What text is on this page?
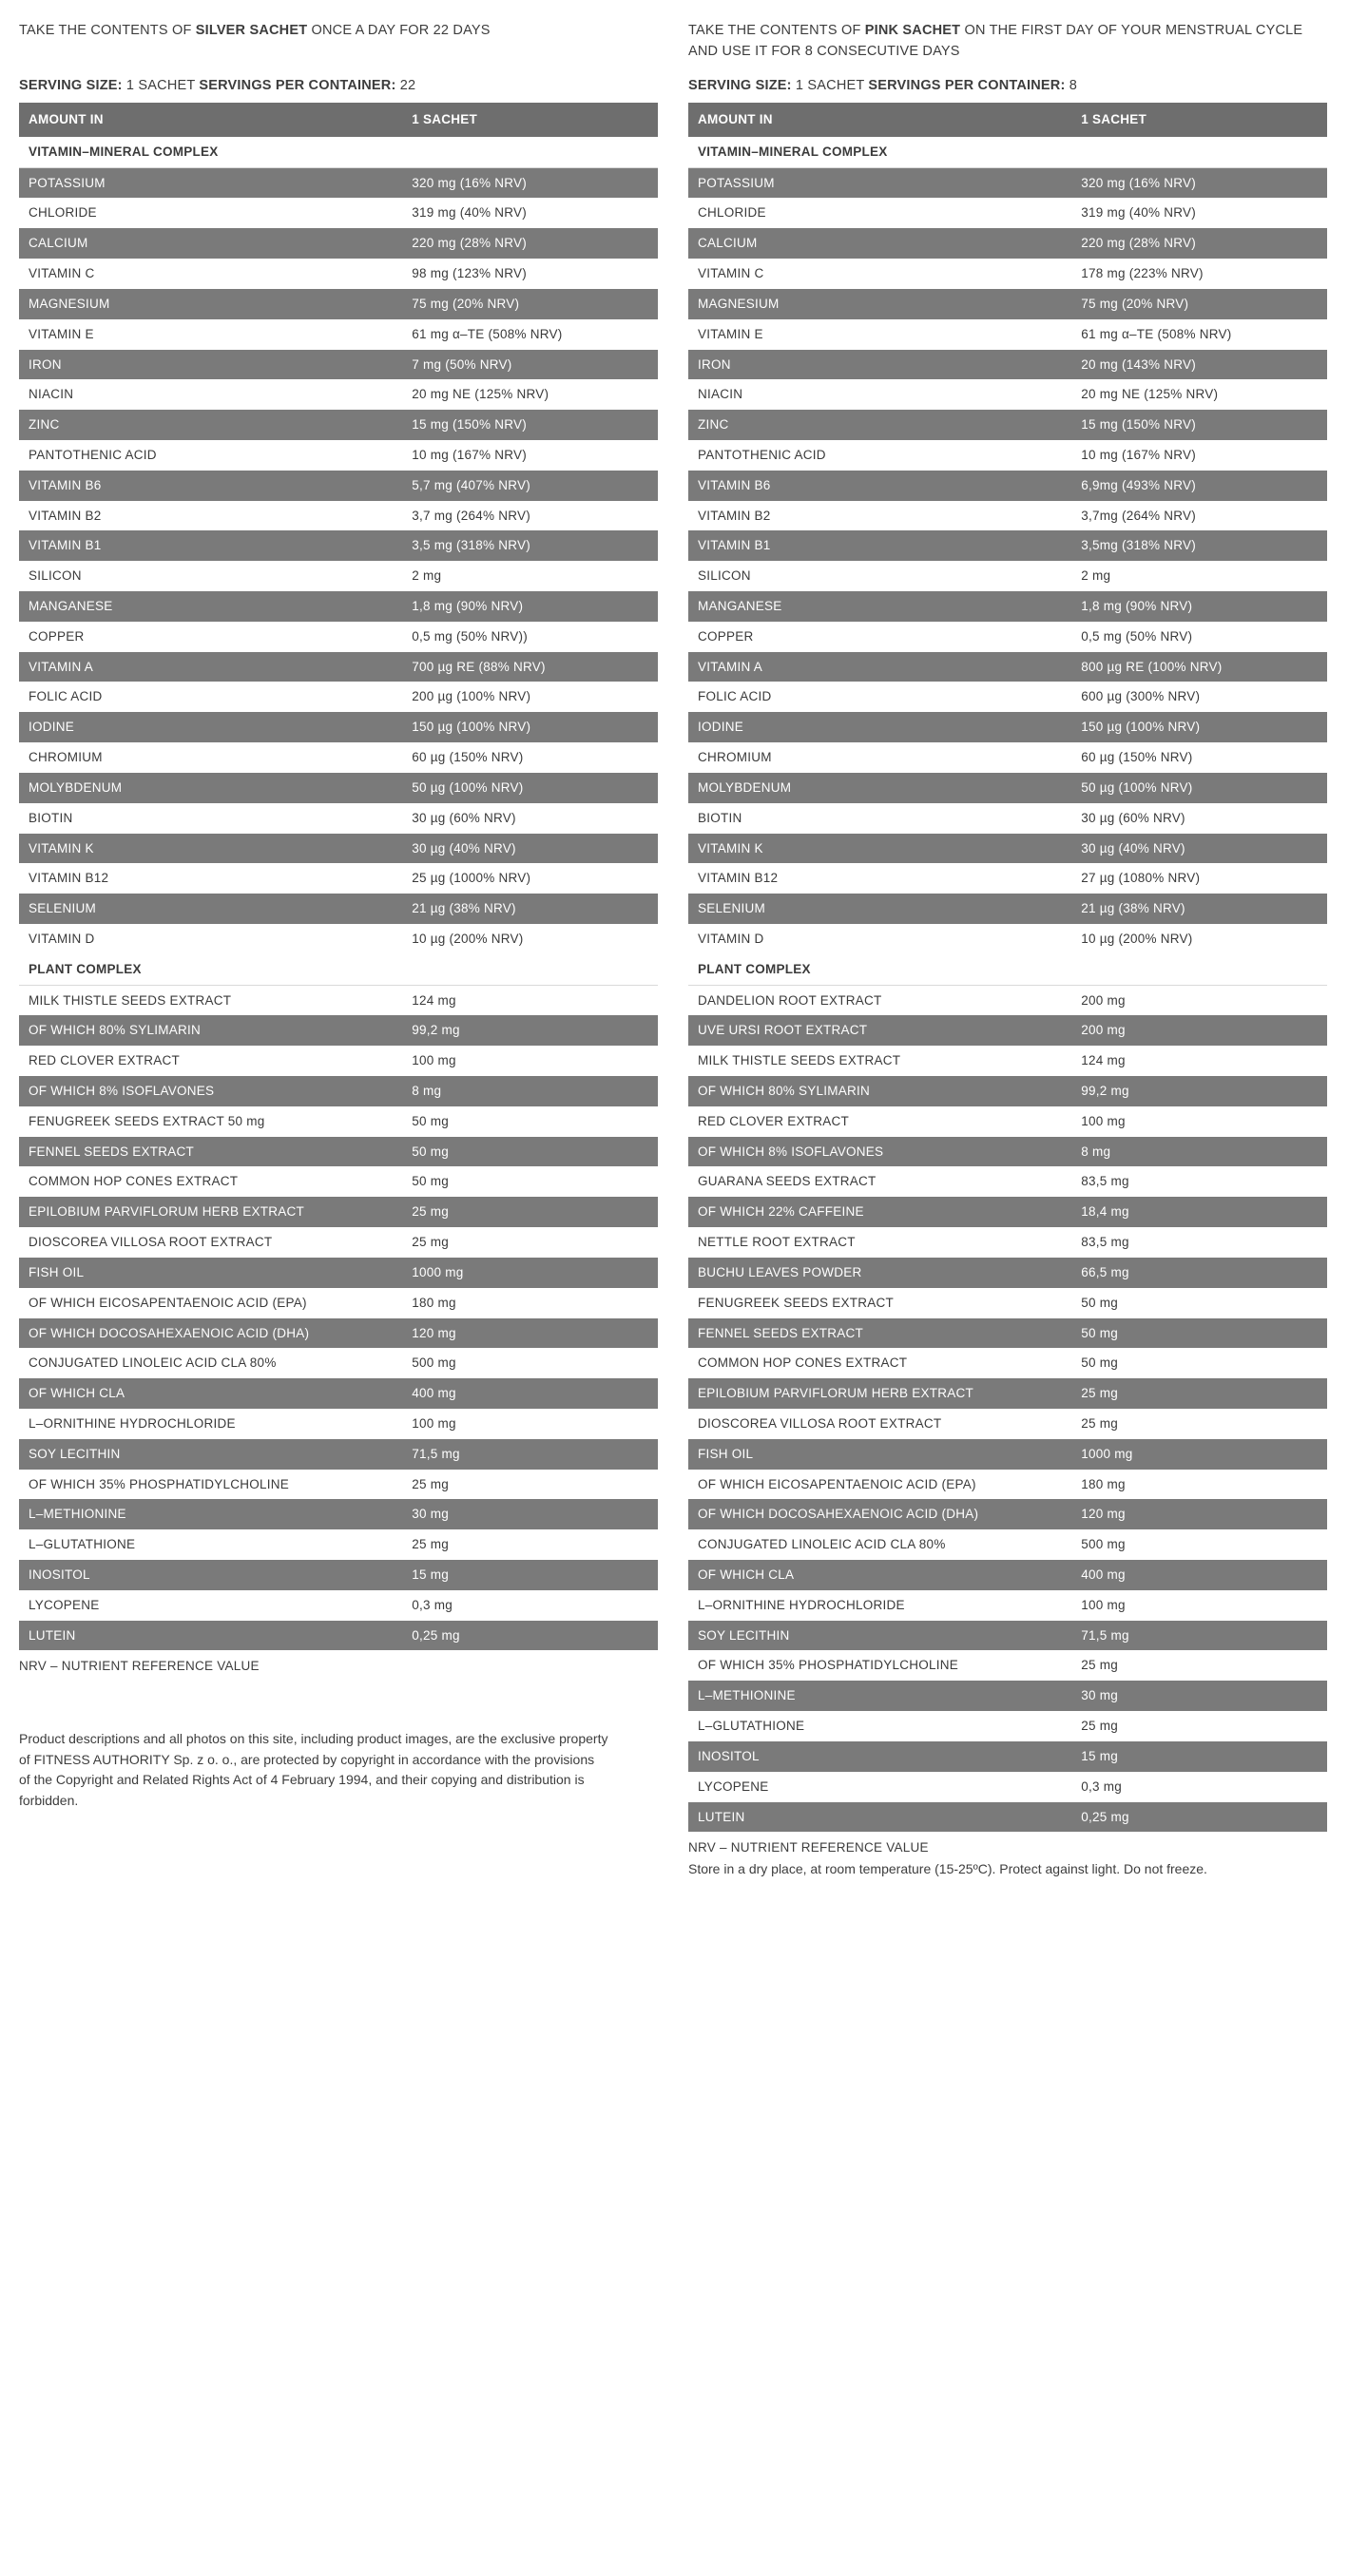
TAKE THE CONTENTS OF SILVER SACHET ONCE A DAY FOR 22 DAYS

SERVING SIZE: 1 SACHET SERVINGS PER CONTAINER: 22

AMOUNT IN	1 SACHET
VITAMIN–MINERAL COMPLEX	
POTASSIUM	320 mg (16% NRV)
CHLORIDE	319 mg (40% NRV)
CALCIUM	220 mg (28% NRV)
VITAMIN C	98 mg (123% NRV)
MAGNESIUM	75 mg (20% NRV)
VITAMIN E	61 mg α–TE (508% NRV)
IRON	7 mg (50% NRV)
NIACIN	20 mg NE (125% NRV)
ZINC	15 mg (150% NRV)
PANTOTHENIC ACID	10 mg (167% NRV)
VITAMIN B6	5,7 mg (407% NRV)
VITAMIN B2	3,7 mg (264% NRV)
VITAMIN B1	3,5 mg (318% NRV)
SILICON	2 mg
MANGANESE	1,8 mg (90% NRV)
COPPER	0,5 mg (50% NRV))
VITAMIN A	700 µg RE (88% NRV)
FOLIC ACID	200 µg (100% NRV)
IODINE	150 µg (100% NRV)
CHROMIUM	60 µg (150% NRV)
MOLYBDENUM	50 µg (100% NRV)
BIOTIN	30 µg (60% NRV)
VITAMIN K	30 µg (40% NRV)
VITAMIN B12	25 µg (1000% NRV)
SELENIUM	21 µg (38% NRV)
VITAMIN D	10 µg (200% NRV)
PLANT COMPLEX	
MILK THISTLE SEEDS EXTRACT	124 mg
OF WHICH 80% SYLIMARIN	99,2 mg
RED CLOVER EXTRACT	100 mg
OF WHICH 8% ISOFLAVONES	8 mg
FENUGREEK SEEDS EXTRACT 50 mg	50 mg
FENNEL SEEDS EXTRACT	50 mg
COMMON HOP CONES EXTRACT	50 mg
EPILOBIUM PARVIFLORUM HERB EXTRACT	25 mg
DIOSCOREA VILLOSA ROOT EXTRACT	25 mg
FISH OIL	1000 mg
OF WHICH EICOSAPENTAENOIC ACID (EPA)	180 mg
OF WHICH DOCOSAHEXAENOIC ACID (DHA)	120 mg
CONJUGATED LINOLEIC ACID CLA 80%	500 mg
OF WHICH CLA	400 mg
L–ORNITHINE HYDROCHLORIDE	100 mg
SOY LECITHIN	71,5 mg
OF WHICH 35% PHOSPHATIDYLCHOLINE	25 mg
L–METHIONINE	30 mg
L–GLUTATHIONE	25 mg
INOSITOL	15 mg
LYCOPENE	0,3 mg
LUTEIN	0,25 mg

NRV – NUTRIENT REFERENCE VALUE

Product descriptions and all photos on this site, including product images, are the exclusive property of FITNESS AUTHORITY Sp. z o. o., are protected by copyright in accordance with the provisions of the Copyright and Related Rights Act of 4 February 1994, and their copying and distribution is forbidden.

TAKE THE CONTENTS OF PINK SACHET ON THE FIRST DAY OF YOUR MENSTRUAL CYCLE AND USE IT FOR 8 CONSECUTIVE DAYS

SERVING SIZE: 1 SACHET SERVINGS PER CONTAINER: 8

AMOUNT IN	1 SACHET
VITAMIN–MINERAL COMPLEX	
POTASSIUM	320 mg (16% NRV)
CHLORIDE	319 mg (40% NRV)
CALCIUM	220 mg (28% NRV)
VITAMIN C	178 mg (223% NRV)
MAGNESIUM	75 mg (20% NRV)
VITAMIN E	61 mg α–TE (508% NRV)
IRON	20 mg (143% NRV)
NIACIN	20 mg NE (125% NRV)
ZINC	15 mg (150% NRV)
PANTOTHENIC ACID	10 mg (167% NRV)
VITAMIN B6	6,9mg (493% NRV)
VITAMIN B2	3,7mg (264% NRV)
VITAMIN B1	3,5mg (318% NRV)
SILICON	2 mg
MANGANESE	1,8 mg (90% NRV)
COPPER	0,5 mg (50% NRV)
VITAMIN A	800 µg RE (100% NRV)
FOLIC ACID	600 µg (300% NRV)
IODINE	150 µg (100% NRV)
CHROMIUM	60 µg (150% NRV)
MOLYBDENUM	50 µg (100% NRV)
BIOTIN	30 µg (60% NRV)
VITAMIN K	30 µg (40% NRV)
VITAMIN B12	27 µg (1080% NRV)
SELENIUM	21 µg (38% NRV)
VITAMIN D	10 µg (200% NRV)
PLANT COMPLEX	
DANDELION ROOT EXTRACT	200 mg
UVE URSI ROOT EXTRACT	200 mg
MILK THISTLE SEEDS EXTRACT	124 mg
OF WHICH 80% SYLIMARIN	99,2 mg
RED CLOVER EXTRACT	100 mg
OF WHICH 8% ISOFLAVONES	8 mg
GUARANA SEEDS EXTRACT	83,5 mg
OF WHICH 22% CAFFEINE	18,4 mg
NETTLE ROOT EXTRACT	83,5 mg
BUCHU LEAVES POWDER	66,5 mg
FENUGREEK SEEDS EXTRACT	50 mg
FENNEL SEEDS EXTRACT	50 mg
COMMON HOP CONES EXTRACT	50 mg
EPILOBIUM PARVIFLORUM HERB EXTRACT	25 mg
DIOSCOREA VILLOSA ROOT EXTRACT	25 mg
FISH OIL	1000 mg
OF WHICH EICOSAPENTAENOIC ACID (EPA)	180 mg
OF WHICH DOCOSAHEXAENOIC ACID (DHA)	120 mg
CONJUGATED LINOLEIC ACID CLA 80%	500 mg
OF WHICH CLA	400 mg
L–ORNITHINE HYDROCHLORIDE	100 mg
SOY LECITHIN	71,5 mg
OF WHICH 35% PHOSPHATIDYLCHOLINE	25 mg
L–METHIONINE	30 mg
L–GLUTATHIONE	25 mg
INOSITOL	15 mg
LYCOPENE	0,3 mg
LUTEIN	0,25 mg

NRV – NUTRIENT REFERENCE VALUE

Store in a dry place, at room temperature (15-25ºC). Protect against light. Do not freeze.
